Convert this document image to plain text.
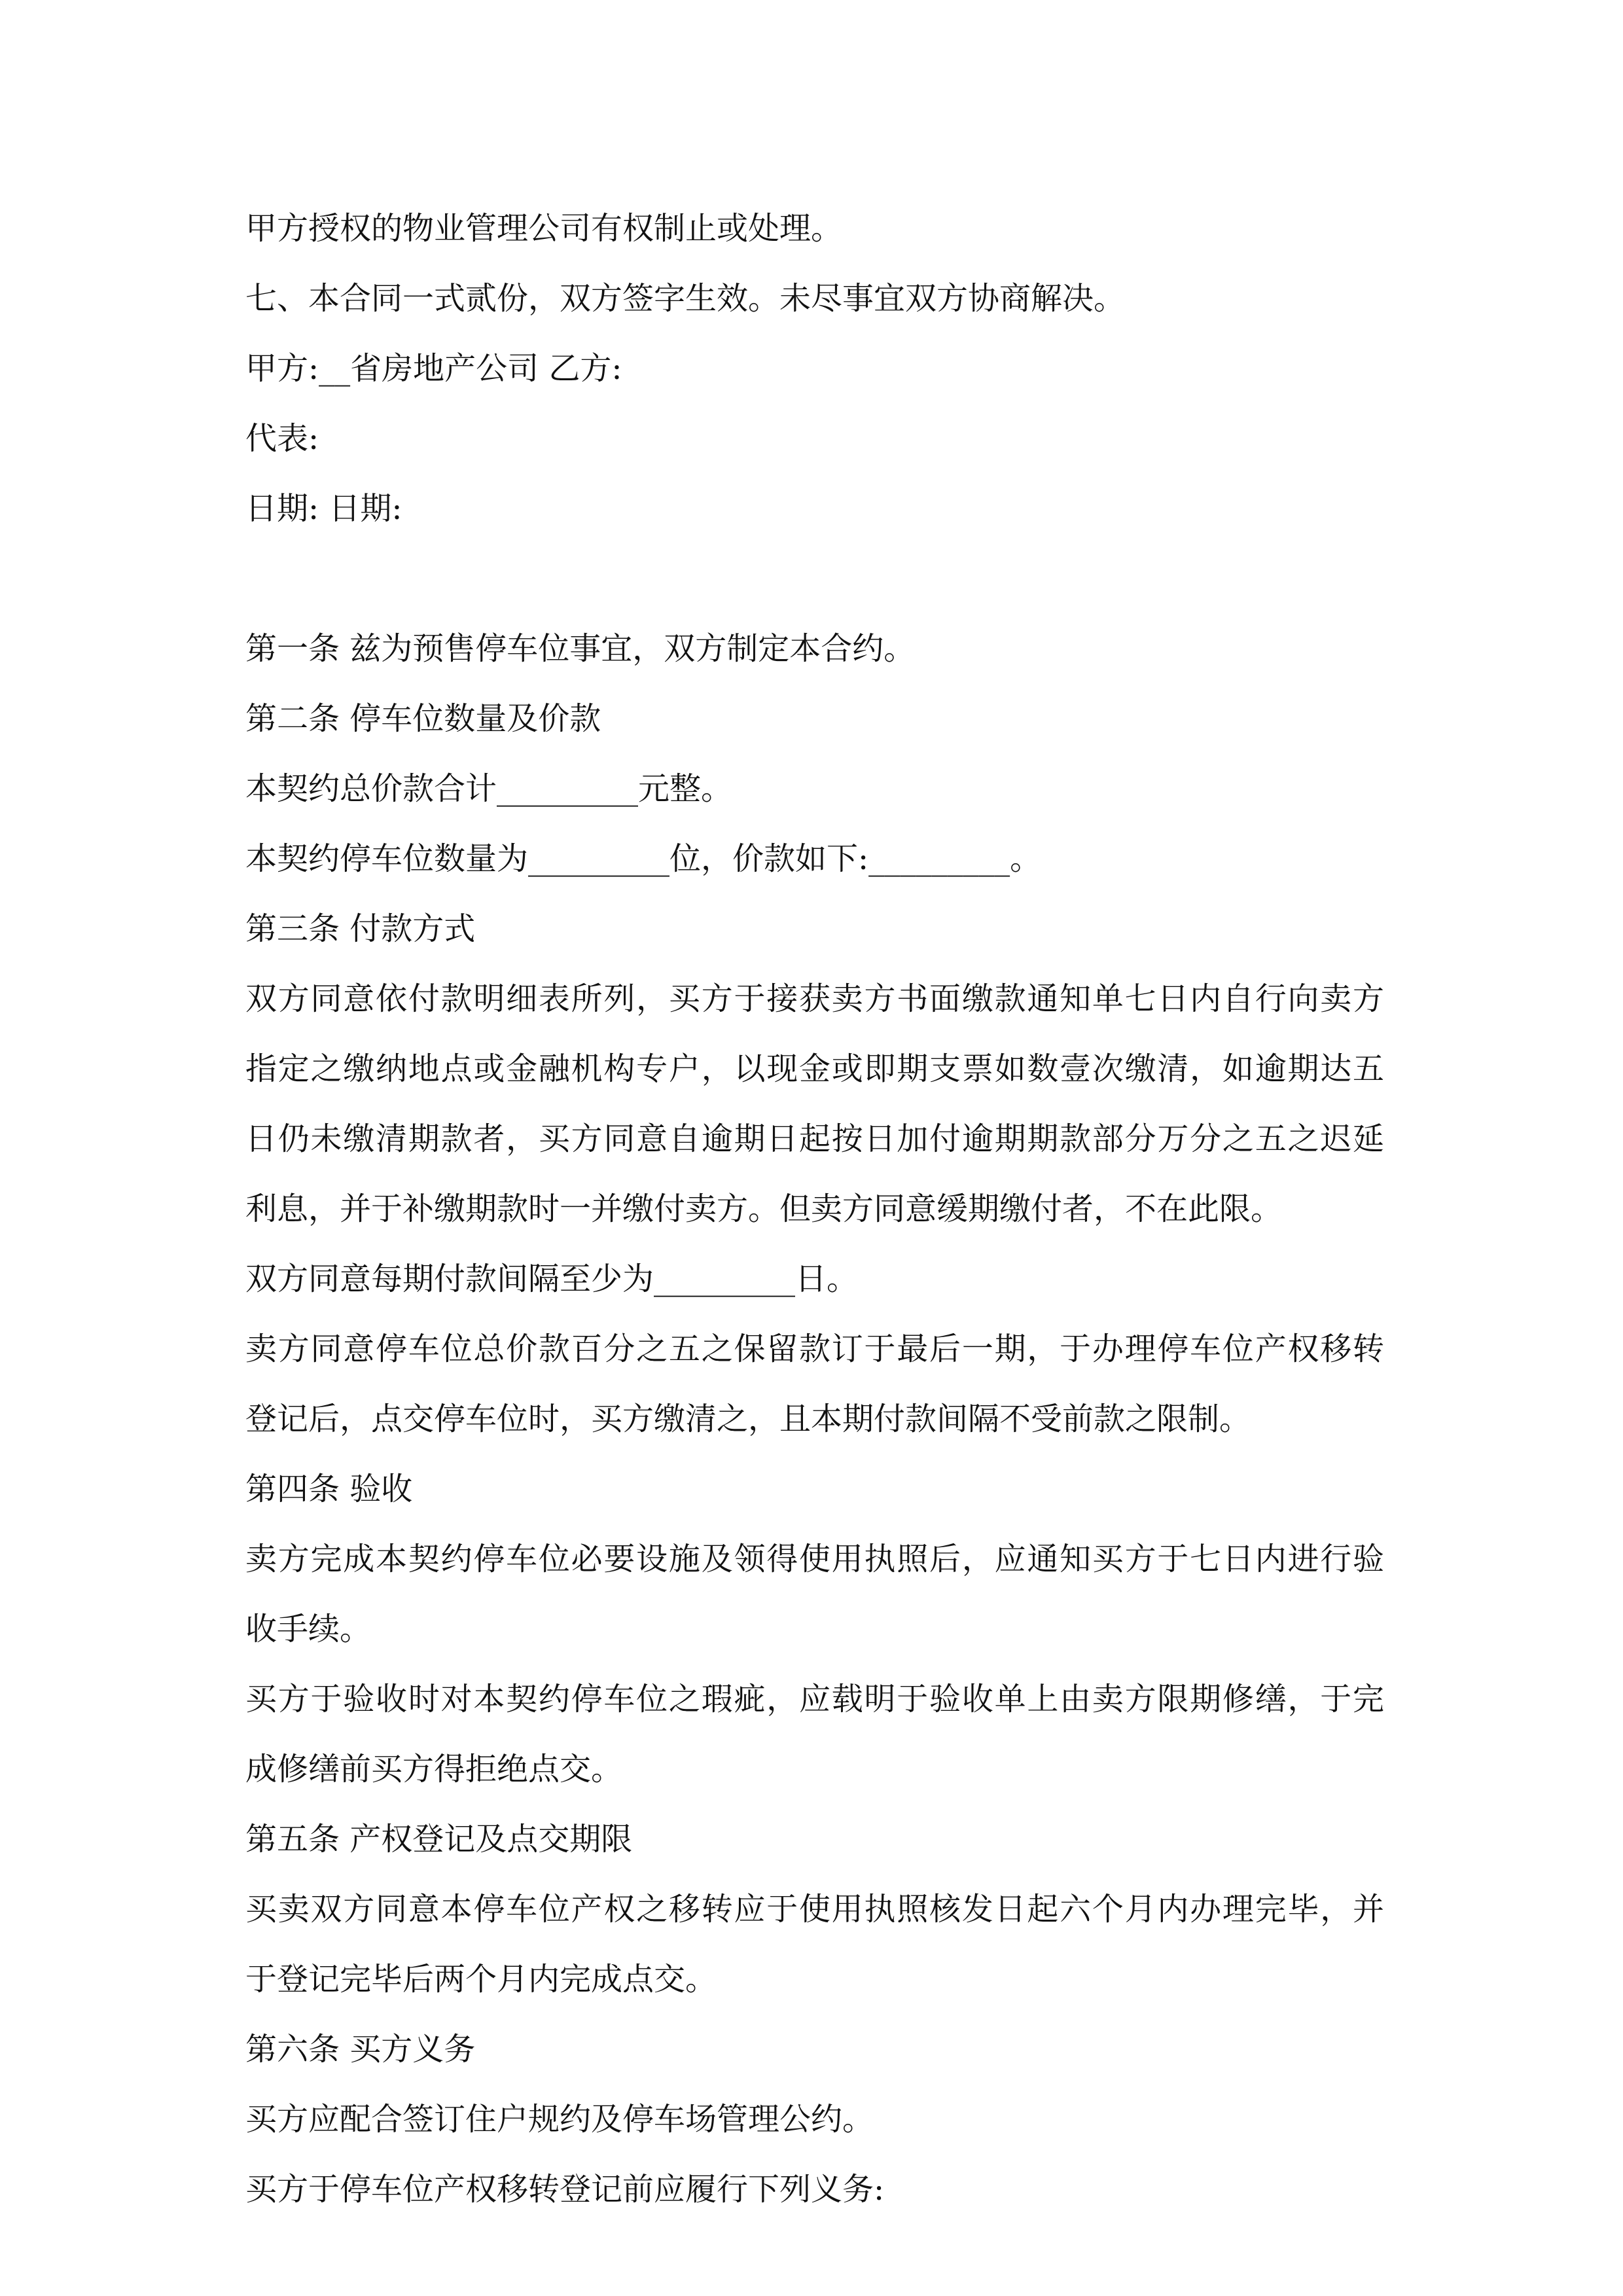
甲方授权的物业管理公司有权制止或处理。
七、本合同一式贰份，双方签字生效。未尽事宜双方协商解决。
甲方:__省房地产公司 乙方:
代表:
日期: 日期:
第一条 兹为预售停车位事宜，双方制定本合约。
第二条 停车位数量及价款
本契约总价款合计_________元整。
本契约停车位数量为_________位，价款如下:_________。
第三条 付款方式
双方同意依付款明细表所列，买方于接获卖方书面缴款通知单七日内自行向卖方
指定之缴纳地点或金融机构专户，以现金或即期支票如数壹次缴清，如逾期达五
日仍未缴清期款者，买方同意自逾期日起按日加付逾期期款部分万分之五之迟延
利息，并于补缴期款时一并缴付卖方。但卖方同意缓期缴付者，不在此限。
双方同意每期付款间隔至少为_________日。
卖方同意停车位总价款百分之五之保留款订于最后一期，于办理停车位产权移转
登记后，点交停车位时，买方缴清之，且本期付款间隔不受前款之限制。
第四条 验收
卖方完成本契约停车位必要设施及领得使用执照后，应通知买方于七日内进行验
收手续。
买方于验收时对本契约停车位之瑕疵，应载明于验收单上由卖方限期修缮，于完
成修缮前买方得拒绝点交。
第五条 产权登记及点交期限
买卖双方同意本停车位产权之移转应于使用执照核发日起六个月内办理完毕，并
于登记完毕后两个月内完成点交。
第六条 买方义务
买方应配合签订住户规约及停车场管理公约。
买方于停车位产权移转登记前应履行下列义务:
